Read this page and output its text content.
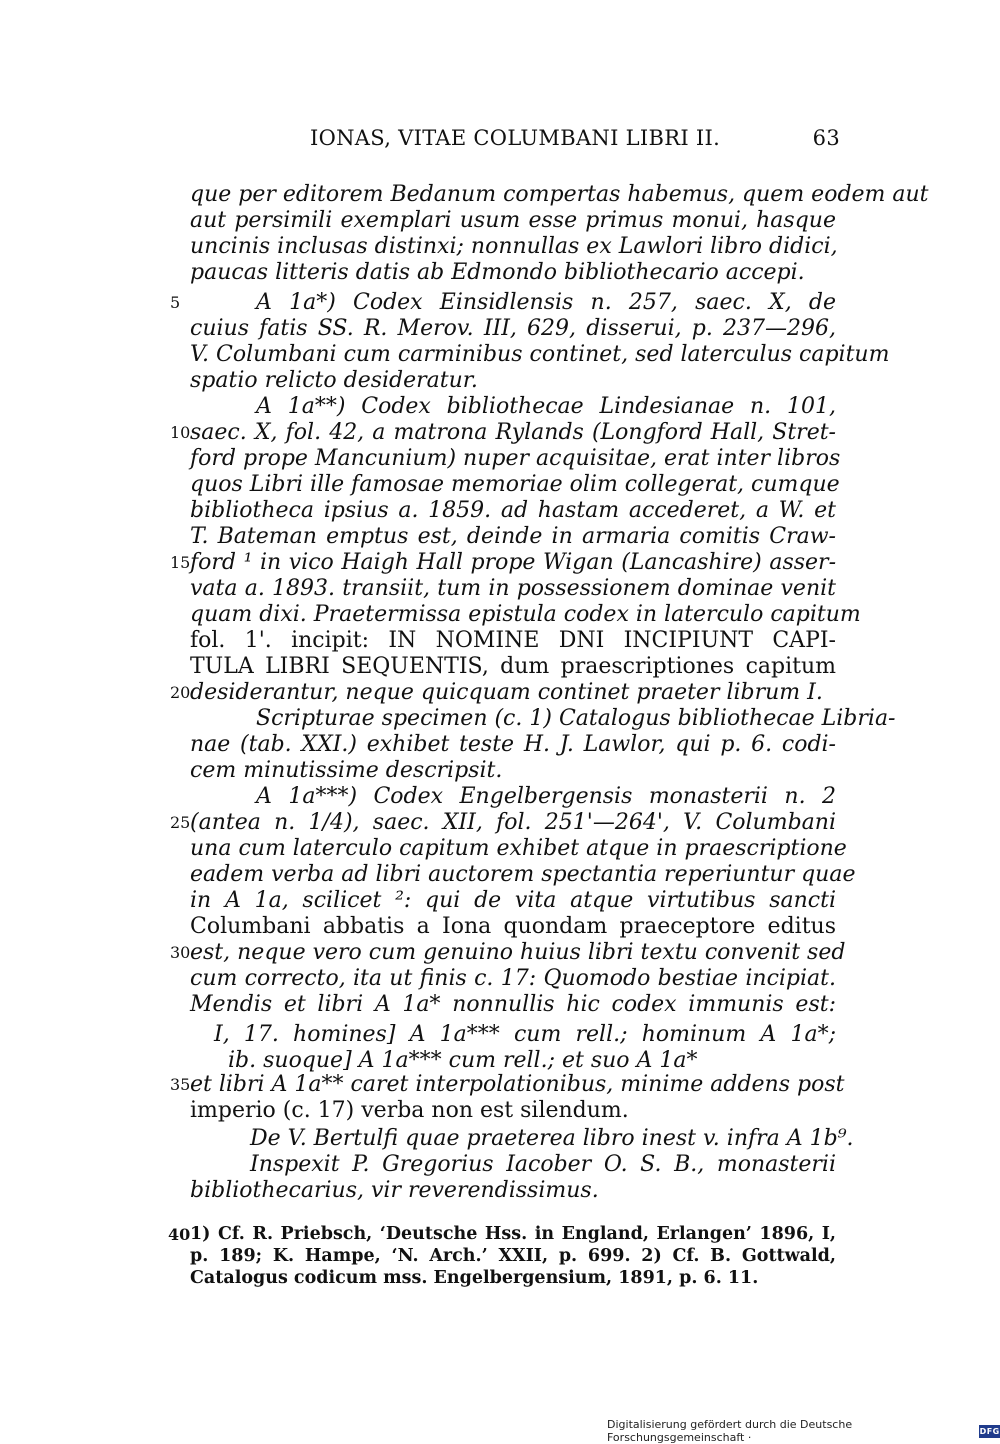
IONAS, VITAE COLUMBANI LIBRI II.	63
que per editorem Bedanum compertas habemus, quem eodem aut
aut persimili exemplari usum esse primus monui, hasque
uncinis inclusas distinxi; nonnullas ex Lawlori libro didici,
paucas litteris datis ab Edmondo bibliothecario accepi.
A 1a*) Codex Einsidlensis n. 257, saec. X, de
5
cuius fatis SS. R. Merov. III, 629, disserui, p. 237—296,
V. Columbani cum carminibus continet, sed laterculus capitum
spatio relicto desideratur.
A 1a**) Codex bibliothecae Lindesianae n. 101,
saec. X, fol. 42, a matrona Rylands (Longford Hall, Stret-
10
ford prope Mancunium) nuper acquisitae, erat inter libros
quos Libri ille famosae memoriae olim collegerat, cumque
bibliotheca ipsius a. 1859. ad hastam accederet, a W. et
T. Bateman emptus est, deinde in armaria comitis Craw-
ford ¹ in vico Haigh Hall prope Wigan (Lancashire) asser-
15
vata a. 1893. transiit, tum in possessionem dominae venit
quam dixi. Praetermissa epistula codex in laterculo capitum
fol. 1'. incipit: IN NOMINE DNI INCIPIUNT CAPI-
TULA LIBRI SEQUENTIS, dum praescriptiones capitum
desiderantur, neque quicquam continet praeter librum I.
20
Scripturae specimen (c. 1) Catalogus bibliothecae Libria-
nae (tab. XXI.) exhibet teste H. J. Lawlor, qui p. 6. codi-
cem minutissime descripsit.
A 1a***) Codex Engelbergensis monasterii n. 2
(antea n. 1/4), saec. XII, fol. 251'—264', V. Columbani
25
una cum laterculo capitum exhibet atque in praescriptione
eadem verba ad libri auctorem spectantia reperiuntur quae
in A 1a, scilicet ²: qui de vita atque virtutibus sancti
Columbani abbatis a Iona quondam praeceptore editus
est, neque vero cum genuino huius libri textu convenit sed
30
cum correcto, ita ut finis c. 17: Quomodo bestiae incipiat.
Mendis et libri A 1a* nonnullis hic codex immunis est:
I, 17. homines] A 1a*** cum rell.; hominum A 1a*;
ib. suoque] A 1a*** cum rell.; et suo A 1a*
et libri A 1a** caret interpolationibus, minime addens post
35
imperio (c. 17) verba non est silendum.
De V. Bertulfi quae praeterea libro inest v. infra A 1b⁹.
Inspexit P. Gregorius Iacober O. S. B., monasterii
bibliothecarius, vir reverendissimus.
40 1) Cf. R. Priebsch, ‘Deutsche Hss. in England, Erlangen’ 1896, I,
p. 189; K. Hampe, ‘N. Arch.’ XXII, p. 699. 2) Cf. B. Gottwald,
Catalogus codicum mss. Engelbergensium, 1891, p. 6. 11.
Digitalisierung gefördert durch die Deutsche Forschungsgemeinschaft ·	DFG
